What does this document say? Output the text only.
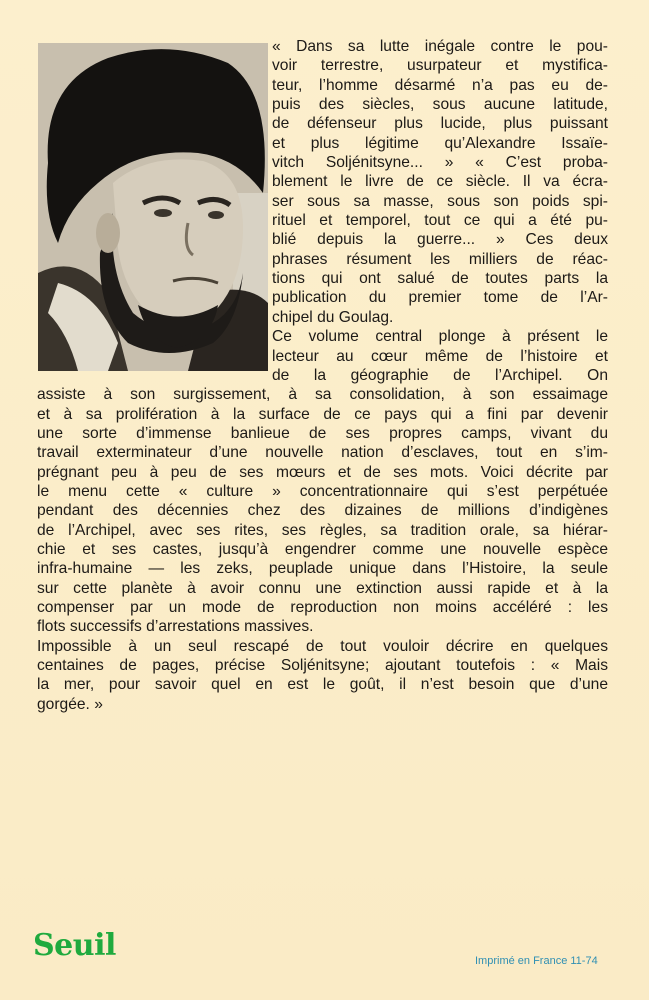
« Dans sa lutte inégale contre le pou-
voir terrestre, usurpateur et mystifica-
teur, l’homme désarmé n’a pas eu de-
puis des siècles, sous aucune latitude,
de défenseur plus lucide, plus puissant
et plus légitime qu’Alexandre Issaïe-
vitch Soljénitsyne... » « C’est proba-
blement le livre de ce siècle. Il va écra-
ser sous sa masse, sous son poids spi-
rituel et temporel, tout ce qui a été pu-
blié depuis la guerre... » Ces deux
phrases résument les milliers de réac-
tions qui ont salué de toutes parts la
publication du premier tome de l’Ar-
chipel du Goulag.
Ce volume central plonge à présent le
lecteur au cœur même de l’histoire et
de la géographie de l’Archipel. On
assiste à son surgissement, à sa consolidation, à son essaimage
et à sa prolifération à la surface de ce pays qui a fini par devenir
une sorte d’immense banlieue de ses propres camps, vivant du
travail exterminateur d’une nouvelle nation d’esclaves, tout en s’im-
prégnant peu à peu de ses mœurs et de ses mots. Voici décrite par
le menu cette « culture » concentrationnaire qui s’est perpétuée
pendant des décennies chez des dizaines de millions d’indigènes
de l’Archipel, avec ses rites, ses règles, sa tradition orale, sa hiérar-
chie et ses castes, jusqu’à engendrer comme une nouvelle espèce
infra-humaine — les zeks, peuplade unique dans l’Histoire, la seule
sur cette planète à avoir connu une extinction aussi rapide et à la
compenser par un mode de reproduction non moins accéléré : les
flots successifs d’arrestations massives.
Impossible à un seul rescapé de tout vouloir décrire en quelques
centaines de pages, précise Soljénitsyne; ajoutant toutefois : « Mais
la mer, pour savoir quel en est le goût, il n’est besoin que d’une
gorgée. »
Seuil	Imprimé en France 11-74
